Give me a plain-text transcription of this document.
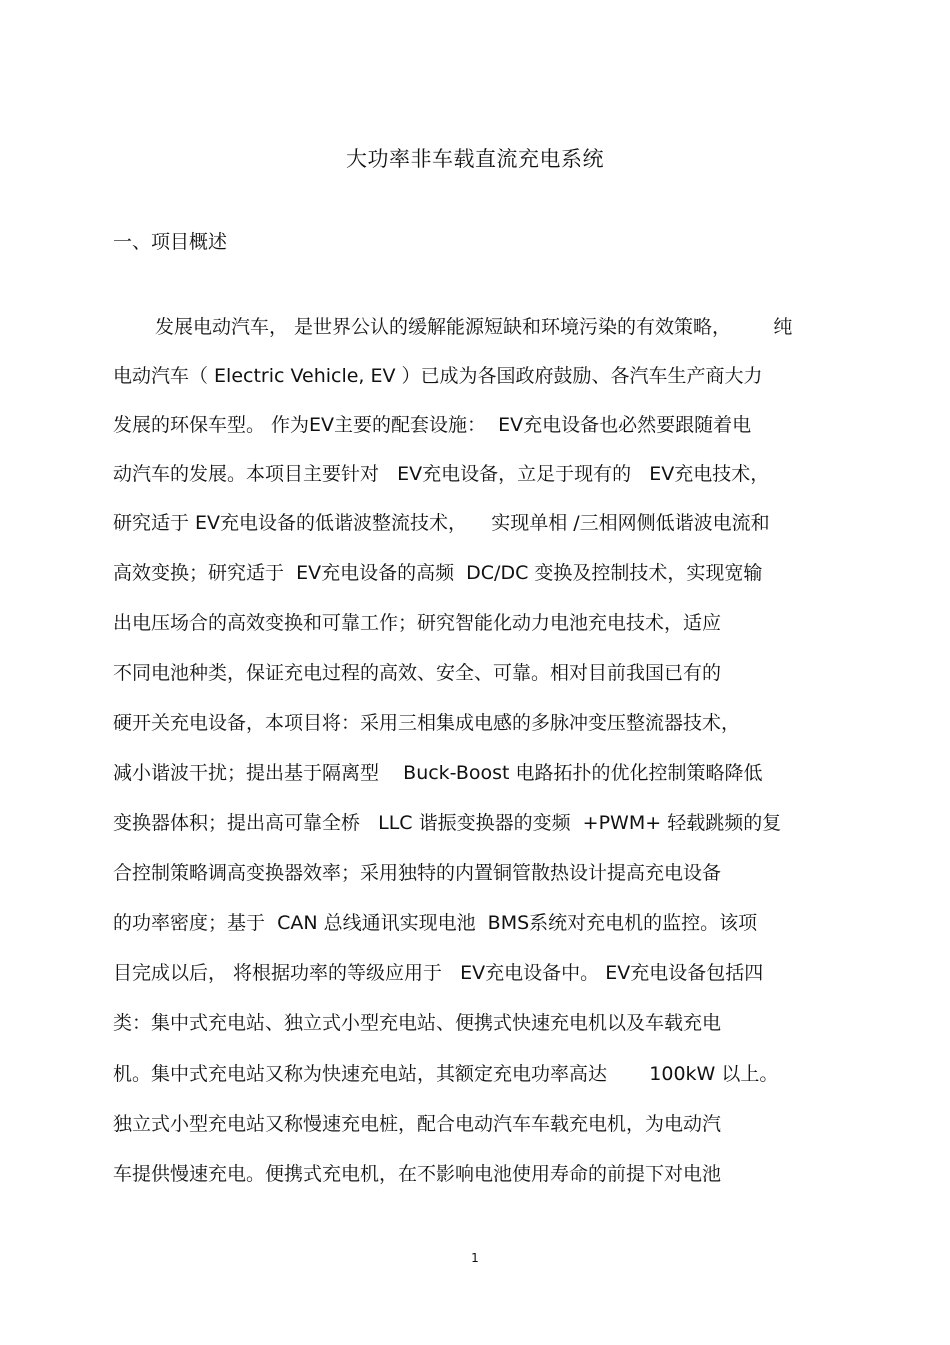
大功率非车载直流充电系统
一、项目概述
发展电动汽车， 是世界公认的缓解能源短缺和环境污染的有效策略，       纯
电动汽车（ Electric Vehicle, EV ）已成为各国政府鼓励、各汽车生产商大力
发展的环保车型。 作为EV主要的配套设施：  EV充电设备也必然要跟随着电
动汽车的发展。本项目主要针对   EV充电设备，立足于现有的   EV充电技术，
研究适于 EV充电设备的低谐波整流技术，    实现单相 /三相网侧低谐波电流和
高效变换；研究适于  EV充电设备的高频  DC/DC 变换及控制技术，实现宽输
出电压场合的高效变换和可靠工作；研究智能化动力电池充电技术，适应
不同电池种类，保证充电过程的高效、安全、可靠。相对目前我国已有的
硬开关充电设备，本项目将：采用三相集成电感的多脉冲变压整流器技术，
减小谐波干扰；提出基于隔离型    Buck-Boost 电路拓扑的优化控制策略降低
变换器体积；提出高可靠全桥   LLC 谐振变换器的变频  +PWM+ 轻载跳频的复
合控制策略调高变换器效率；采用独特的内置铜管散热设计提高充电设备
的功率密度；基于  CAN 总线通讯实现电池  BMS系统对充电机的监控。该项
目完成以后， 将根据功率的等级应用于   EV充电设备中。 EV充电设备包括四
类：集中式充电站、独立式小型充电站、便携式快速充电机以及车载充电
机。集中式充电站又称为快速充电站，其额定充电功率高达       100kW 以上。
独立式小型充电站又称慢速充电桩，配合电动汽车车载充电机，为电动汽
车提供慢速充电。便携式充电机，在不影响电池使用寿命的前提下对电池
1
